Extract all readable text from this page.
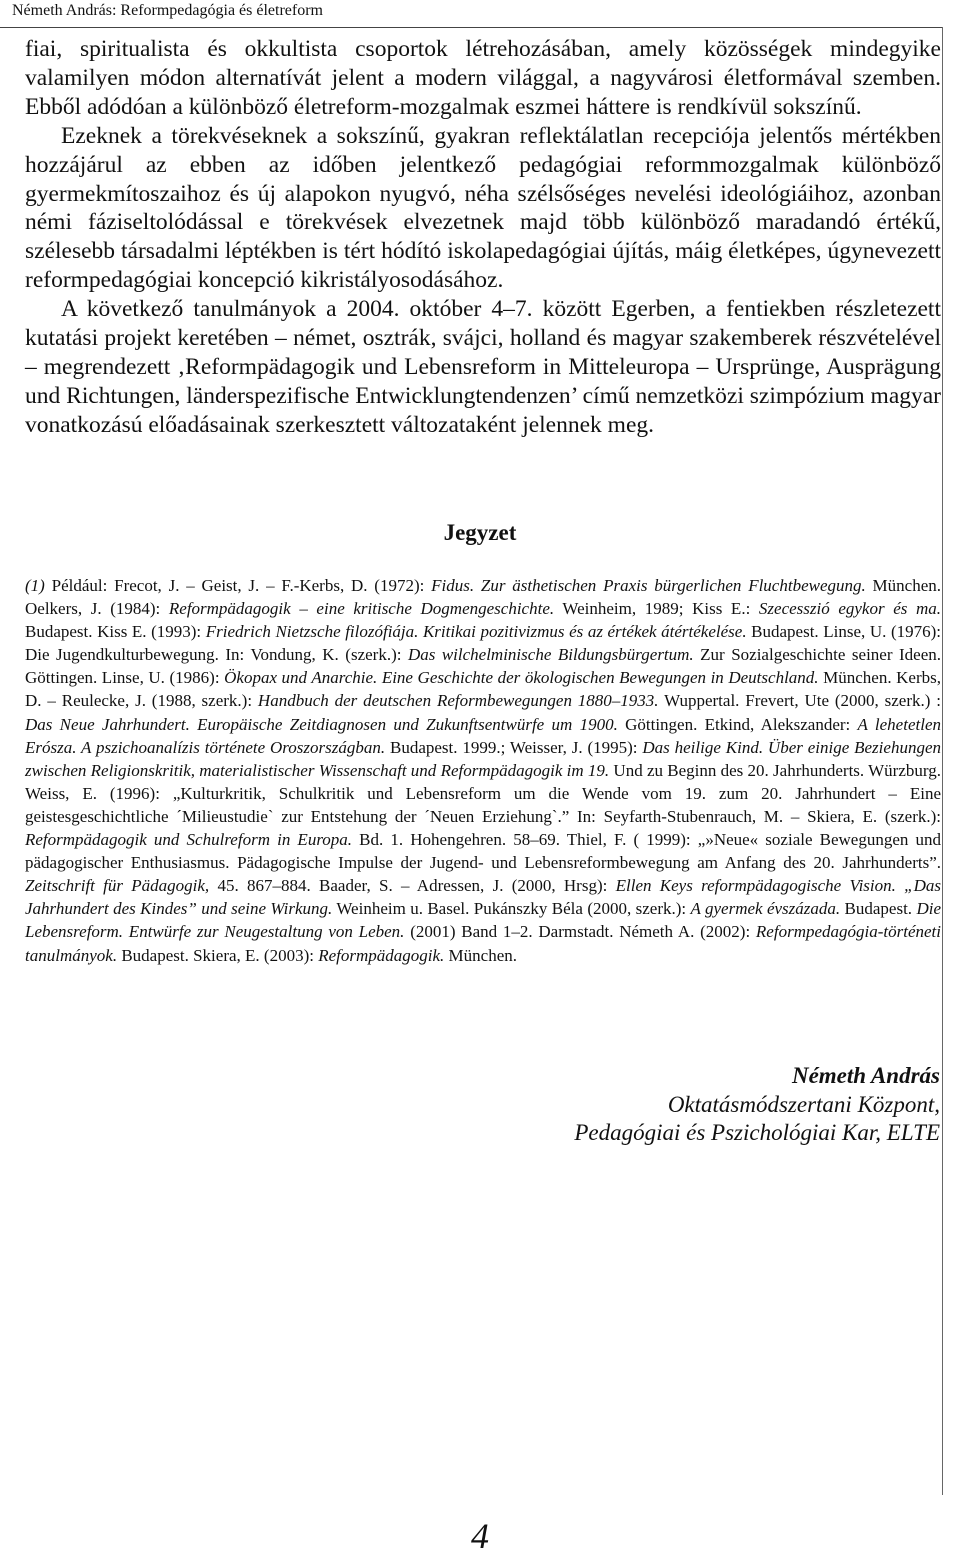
Németh András: Reformpedagógia és életreform

fiai, spiritualista és okkultista csoportok létrehozásában, amely közösségek mindegyike valamilyen módon alternatívát jelent a modern világgal, a nagyvárosi életformával szemben. Ebből adódóan a különböző életreform-mozgalmak eszmei háttere is rendkívül sokszínű.

Ezeknek a törekvéseknek a sokszínű, gyakran reflektálatlan recepciója jelentős mértékben hozzájárul az ebben az időben jelentkező pedagógiai reformmozgalmak különböző gyermekmítoszaihoz és új alapokon nyugvó, néha szélsőséges nevelési ideológiáihoz, azonban némi fáziseltolódással e törekvések elvezetnek majd több különböző maradandó értékű, szélesebb társadalmi léptékben is tért hódító iskolapedagógiai újítás, máig életképes, úgynevezett reformpedagógiai koncepció kikristályosodásához.

A következő tanulmányok a 2004. október 4–7. között Egerben, a fentiekben részletezett kutatási projekt keretében – német, osztrák, svájci, holland és magyar szakemberek részvételével – megrendezett ‚Reformpädagogik und Lebensreform in Mitteleuropa – Ursprünge, Ausprägung und Richtungen, länderspezifische Entwicklungtendenzen’ című nemzetközi szimpózium magyar vonatkozású előadásainak szerkesztett változataként jelennek meg.

Jegyzet

(1) Például: Frecot, J. – Geist, J. – F.-Kerbs, D. (1972): Fidus. Zur ästhetischen Praxis bürgerlichen Fluchtbewegung. München. Oelkers, J. (1984): Reformpädagogik – eine kritische Dogmengeschichte. Weinheim, 1989; Kiss E.: Szecesszió egykor és ma. Budapest. Kiss E. (1993): Friedrich Nietzsche filozófiája. Kritikai pozitivizmus és az értékek átértékelése. Budapest. Linse, U. (1976): Die Jugendkulturbewegung. In: Vondung, K. (szerk.): Das wilchelminische Bildungsbürgertum. Zur Sozialgeschichte seiner Ideen. Göttingen. Linse, U. (1986): Ökopax und Anarchie. Eine Geschichte der ökologischen Bewegungen in Deutschland. München. Kerbs, D. – Reulecke, J. (1988, szerk.): Handbuch der deutschen Reformbewegungen 1880–1933. Wuppertal. Frevert, Ute (2000, szerk.) : Das Neue Jahrhundert. Europäische Zeitdiagnosen und Zukunftsentwürfe um 1900. Göttingen. Etkind, Alekszander: A lehetetlen Erósza. A pszichoanalízis története Oroszországban. Budapest. 1999.; Weisser, J. (1995): Das heilige Kind. Über einige Beziehungen zwischen Religionskritik, materialistischer Wissenschaft und Reformpädagogik im 19. Und zu Beginn des 20. Jahrhunderts. Würzburg. Weiss, E. (1996): „Kulturkritik, Schulkritik und Lebensreform um die Wende vom 19. zum 20. Jahrhundert – Eine geistesgeschichtliche ´Milieustudie` zur Entstehung der ´Neuen Erziehung`.” In: Seyfarth-Stubenrauch, M. – Skiera, E. (szerk.): Reformpädagogik und Schulreform in Europa. Bd. 1. Hohengehren. 58–69. Thiel, F. ( 1999): „»Neue« soziale Bewegungen und pädagogischer Enthusiasmus. Pädagogische Impulse der Jugend- und Lebensreformbewegung am Anfang des 20. Jahrhunderts”. Zeitschrift für Pädagogik, 45. 867–884. Baader, S. – Adressen, J. (2000, Hrsg): Ellen Keys reformpädagogische Vision. „Das Jahrhundert des Kindes” und seine Wirkung. Weinheim u. Basel. Pukánszky Béla (2000, szerk.): A gyermek évszázada. Budapest. Die Lebensreform. Entwürfe zur Neugestaltung von Leben. (2001) Band 1–2. Darmstadt. Németh A. (2002): Reformpedagógia-történeti tanulmányok. Budapest. Skiera, E. (2003): Reformpädagogik. München.

Németh András
Oktatásmódszertani Központ,
Pedagógiai és Pszichológiai Kar, ELTE
4
